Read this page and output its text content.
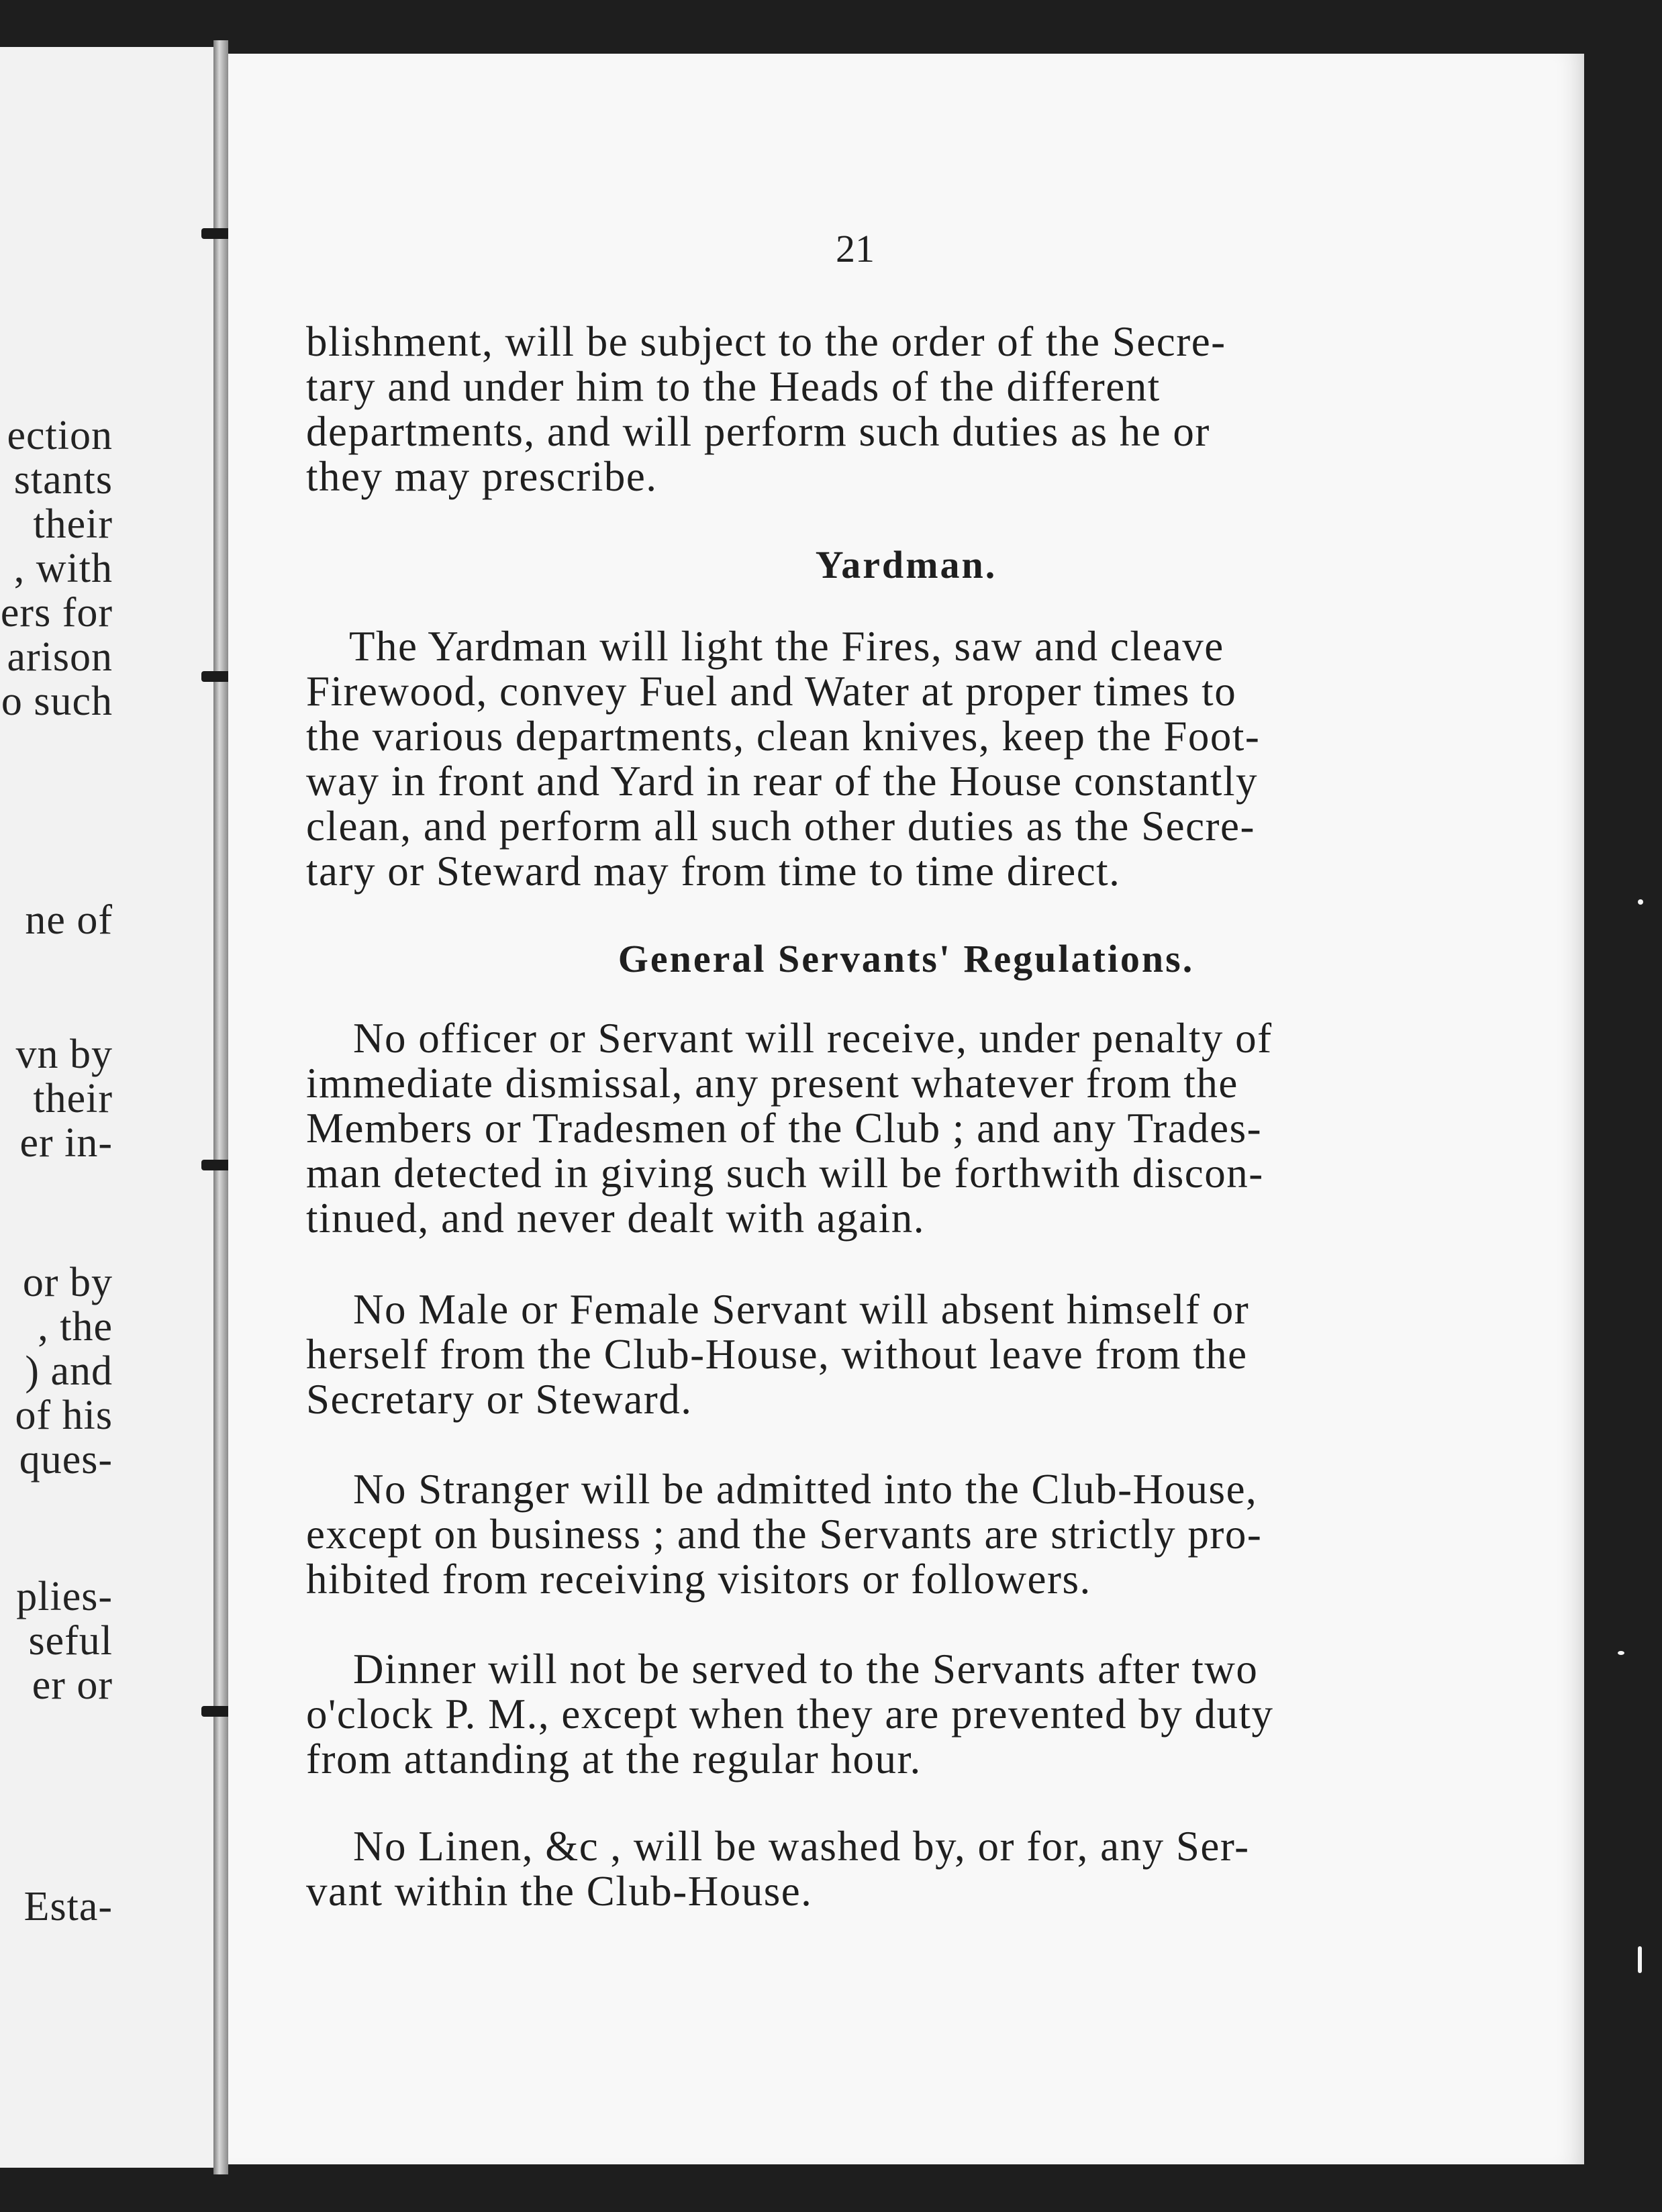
ection
stants
their
, with
ers for
arison
o such
ne of
vn by
their
er in-
or by
, the
) and
of his
ques-
plies-
seful
er or
Esta-
21
blishment, will be subject to the order of the Secre-
tary and under him to the Heads of the different
departments, and will perform such duties as he or
they may prescribe.
Yardman.
The Yardman will light the Fires, saw and cleave
Firewood, convey Fuel and Water at proper times to
the various departments, clean knives, keep the Foot-
way in front and Yard in rear of the House constantly
clean, and perform all such other duties as the Secre-
tary or Steward may from time to time direct.
General Servants' Regulations.
No officer or Servant will receive, under penalty of
immediate dismissal, any present whatever from the
Members or Tradesmen of the Club ; and any Trades-
man detected in giving such will be forthwith discon-
tinued, and never dealt with again.
No Male or Female Servant will absent himself or
herself from the Club-House, without leave from the
Secretary or Steward.
No Stranger will be admitted into the Club-House,
except on business ; and the Servants are strictly pro-
hibited from receiving visitors or followers.
Dinner will not be served to the Servants after two
o'clock P. M., except when they are prevented by duty
from attanding at the regular hour.
No Linen, &c , will be washed by, or for, any Ser-
vant within the Club-House.
